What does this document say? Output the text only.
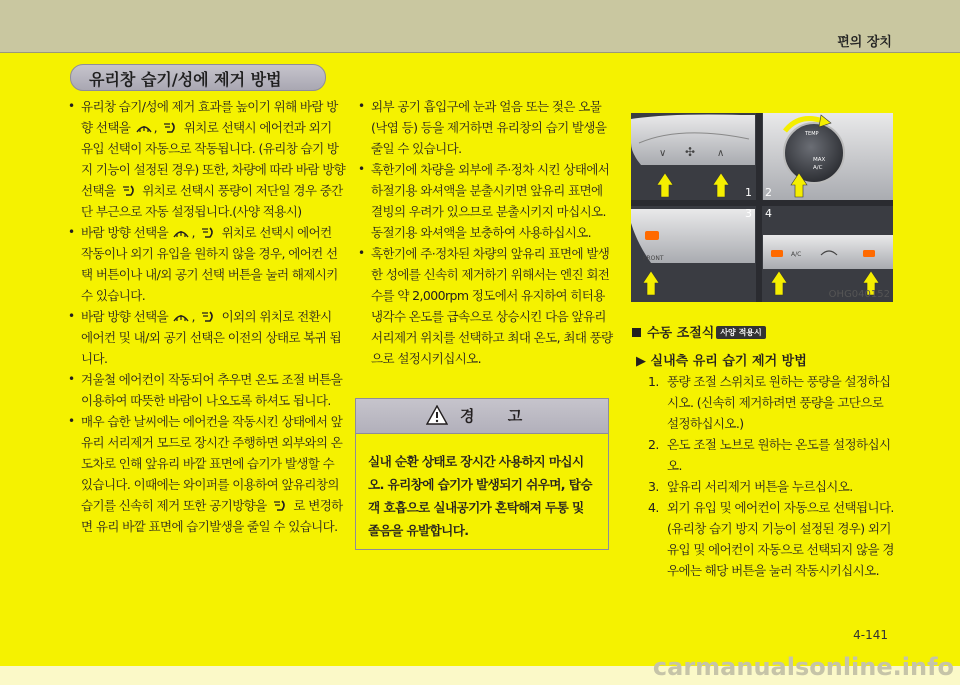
편의 장치
유리창 습기/성에 제거 방법

• 유리창 습기/성에 제거 효과를 높이기 위해 바람 방향 선택을 ,  위치로 선택시 에어컨과 외기 유입 선택이 자동으로 작동됩니다. (유리창 습기 방지 기능이 설정된 경우) 또한, 차량에 따라 바람 방향 선택을 위치로 선택시 풍량이 저단일 경우 중간단 부근으로 자동 설정됩니다.(사양 적용시)

• 바람 방향 선택을 ,  위치로 선택시 에어컨 작동이나 외기 유입을 원하지 않을 경우, 에어컨 선택 버튼이나 내/외 공기 선택 버튼을 눌러 해제시키 수 있습니다.

• 바람 방향 선택을 ,  이외의 위치로 전환시 에어컨 및 내/외 공기 선택은 이전의 상태로 복귀 됩니다.

• 겨울철 에어컨이 작동되어 추우면 온도 조절 버튼을 이용하여 따뜻한 바람이 나오도록 하셔도 됩니다.

• 매우 습한 날씨에는 에어컨을 작동시킨 상태에서 앞유리 서리제거 모드로 장시간 주행하면 외부와의 온도차로 인해 앞유리 바깥 표면에 습기가 발생할 수 있습니다. 이때에는 와이퍼를 이용하여 앞유리창의 습기를 신속히 제거 또한 공기방향을 로 변경하면 유리 바깥 표면에 습기발생을 줄일 수 있습니다.

• 외부 공기 흡입구에 눈과 얼음 또는 젖은 오물(낙엽 등) 등을 제거하면 유리창의 습기 발생을 줄일 수 있습니다.

• 혹한기에 차량을 외부에 주·정차 시킨 상태에서 하절기용 와셔액을 분출시키면 앞유리 표면에 결빙의 우려가 있으므로 분출시키지 마십시오. 동절기용 와셔액을 보충하여 사용하십시오.

• 혹한기에 주·정차된 차량의 앞유리 표면에 발생한 성에를 신속히 제거하기 위해서는 엔진 회전수를 약 2,000rpm 정도에서 유지하여 히터용 냉각수 온도를 급속으로 상승시킨 다음 앞유리 서리제거 위치를 선택하고 최대 온도, 최대 풍량으로 설정시키십시오.

경 고
실내 순환 상태로 장시간 사용하지 마십시오. 유리창에 습기가 발생되기 쉬우며, 탑승객 호흡으로 실내공기가 혼탁해져 두통 및 졸음을 유발합니다.
∨ ✣ ∧
TEMP
MAX
A/C
FRONT
A/C
1 2
3 4
OHG040152
수동 조절식 사양 적용시
▶ 실내측 유리 습기 제거 방법
1. 풍량 조절 스위치로 원하는 풍량을 설정하십시오. (신속히 제거하려면 풍량을 고단으로 설정하십시오.)
2. 온도 조절 노브로 원하는 온도를 설정하십시오.
3. 앞유리 서리제거 버튼을 누르십시오.
4. 외기 유입 및 에어컨이 자동으로 선택됩니다.(유리창 습기 방지 기능이 설정된 경우) 외기 유입 및 에어컨이 자동으로 선택되지 않을 경우에는 해당 버튼을 눌러 작동시키십시오.
4-141
carmanualsonline.info
